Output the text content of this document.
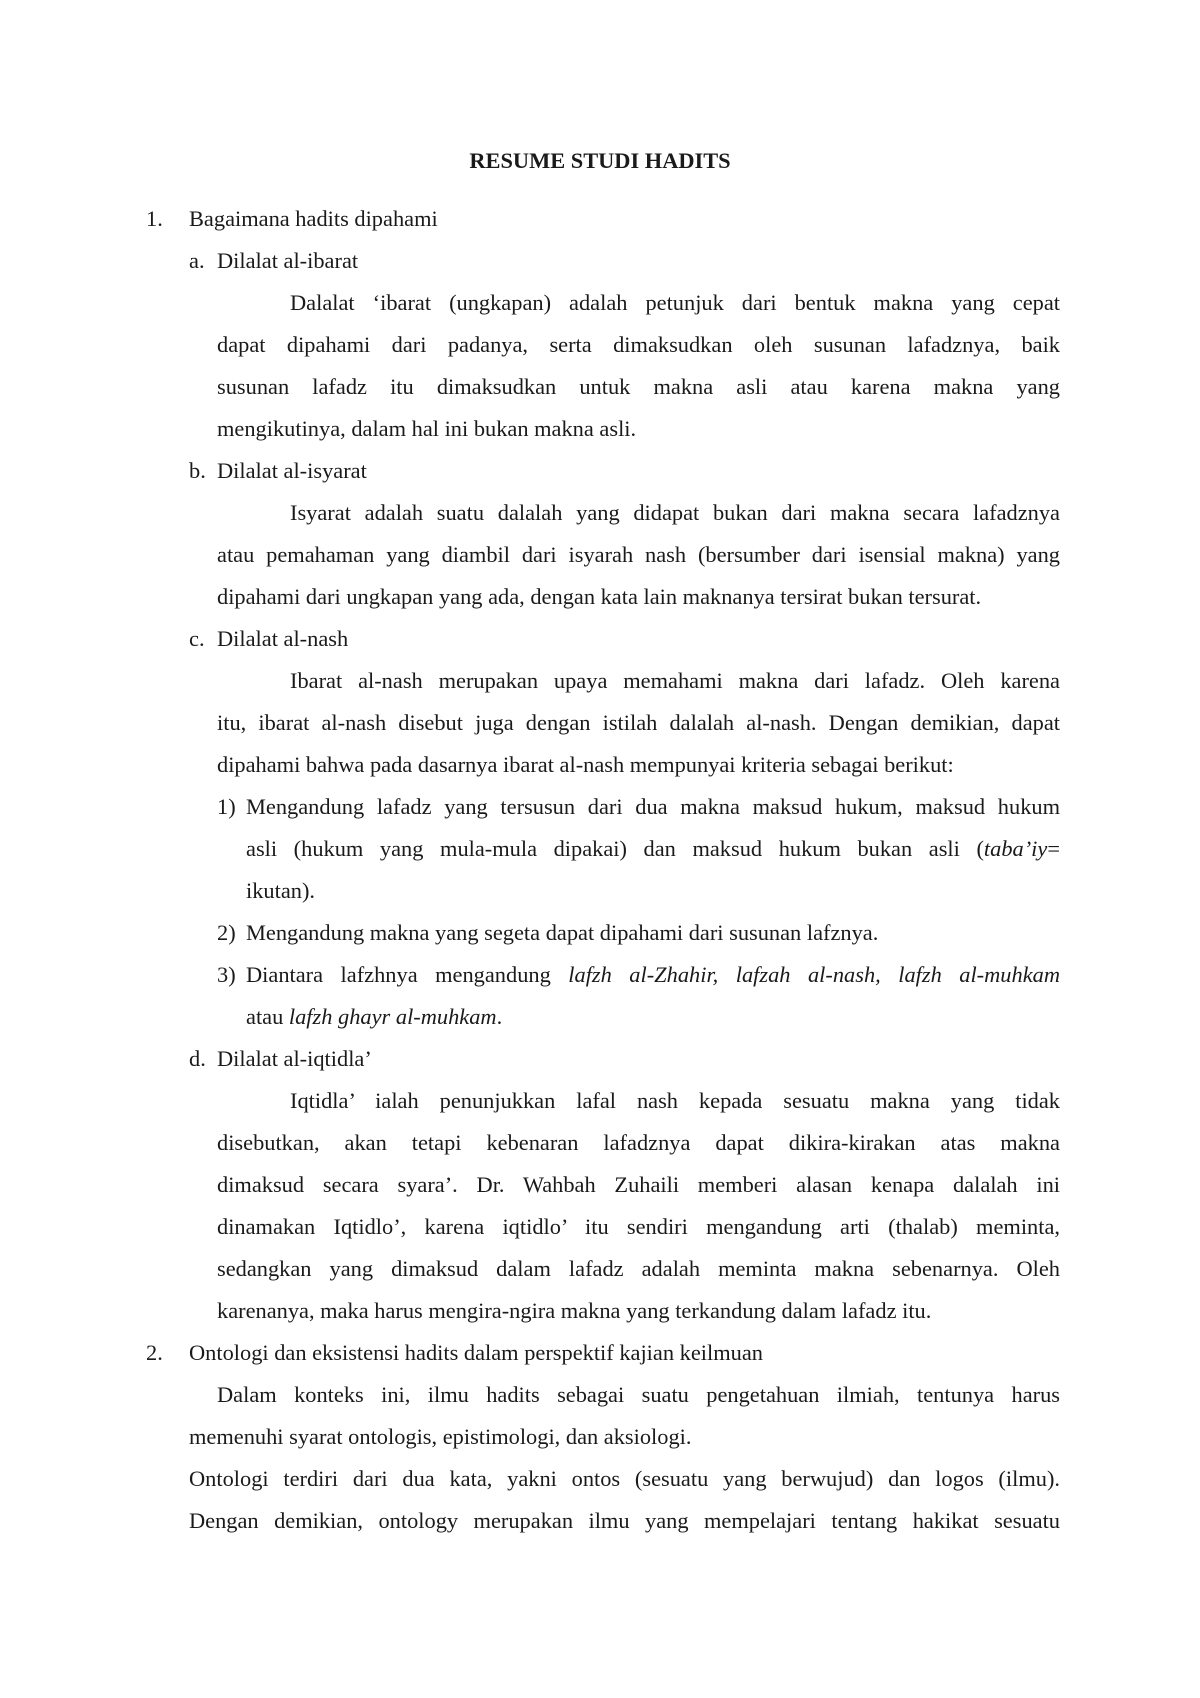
RESUME STUDI HADITS
1. Bagaimana hadits dipahami
a. Dilalat al-ibarat
Dalalat ‘ibarat (ungkapan) adalah petunjuk dari bentuk makna yang cepat
dapat dipahami dari padanya, serta dimaksudkan oleh susunan lafadznya, baik
susunan lafadz itu dimaksudkan untuk makna asli atau karena makna yang
mengikutinya, dalam hal ini bukan makna asli.
b. Dilalat al-isyarat
Isyarat adalah suatu dalalah yang didapat bukan dari makna secara lafadznya
atau pemahaman yang diambil dari isyarah nash (bersumber dari isensial makna) yang
dipahami dari ungkapan yang ada, dengan kata lain maknanya tersirat bukan tersurat.
c. Dilalat al-nash
Ibarat al-nash merupakan upaya memahami makna dari lafadz. Oleh karena
itu, ibarat al-nash disebut juga dengan istilah dalalah al-nash. Dengan demikian, dapat
dipahami bahwa pada dasarnya ibarat al-nash mempunyai kriteria sebagai berikut:
1) Mengandung lafadz yang tersusun dari dua makna maksud hukum, maksud hukum
asli (hukum yang mula-mula dipakai) dan maksud hukum bukan asli (taba’iy=
ikutan).
2) Mengandung makna yang segeta dapat dipahami dari susunan lafznya.
3) Diantara lafzhnya mengandung lafzh al-Zhahir, lafzah al-nash, lafzh al-muhkam
atau lafzh ghayr al-muhkam.
d. Dilalat al-iqtidla’
Iqtidla’ ialah penunjukkan lafal nash kepada sesuatu makna yang tidak
disebutkan, akan tetapi kebenaran lafadznya dapat dikira-kirakan atas makna
dimaksud secara syara’. Dr. Wahbah Zuhaili memberi alasan kenapa dalalah ini
dinamakan Iqtidlo’, karena iqtidlo’ itu sendiri mengandung arti (thalab) meminta,
sedangkan yang dimaksud dalam lafadz adalah meminta makna sebenarnya. Oleh
karenanya, maka harus mengira-ngira makna yang terkandung dalam lafadz itu.
2. Ontologi dan eksistensi hadits dalam perspektif kajian keilmuan
Dalam konteks ini, ilmu hadits sebagai suatu pengetahuan ilmiah, tentunya harus
memenuhi syarat ontologis, epistimologi, dan aksiologi.
Ontologi terdiri dari dua kata, yakni ontos (sesuatu yang berwujud) dan logos (ilmu).
Dengan demikian, ontology merupakan ilmu yang mempelajari tentang hakikat sesuatu
